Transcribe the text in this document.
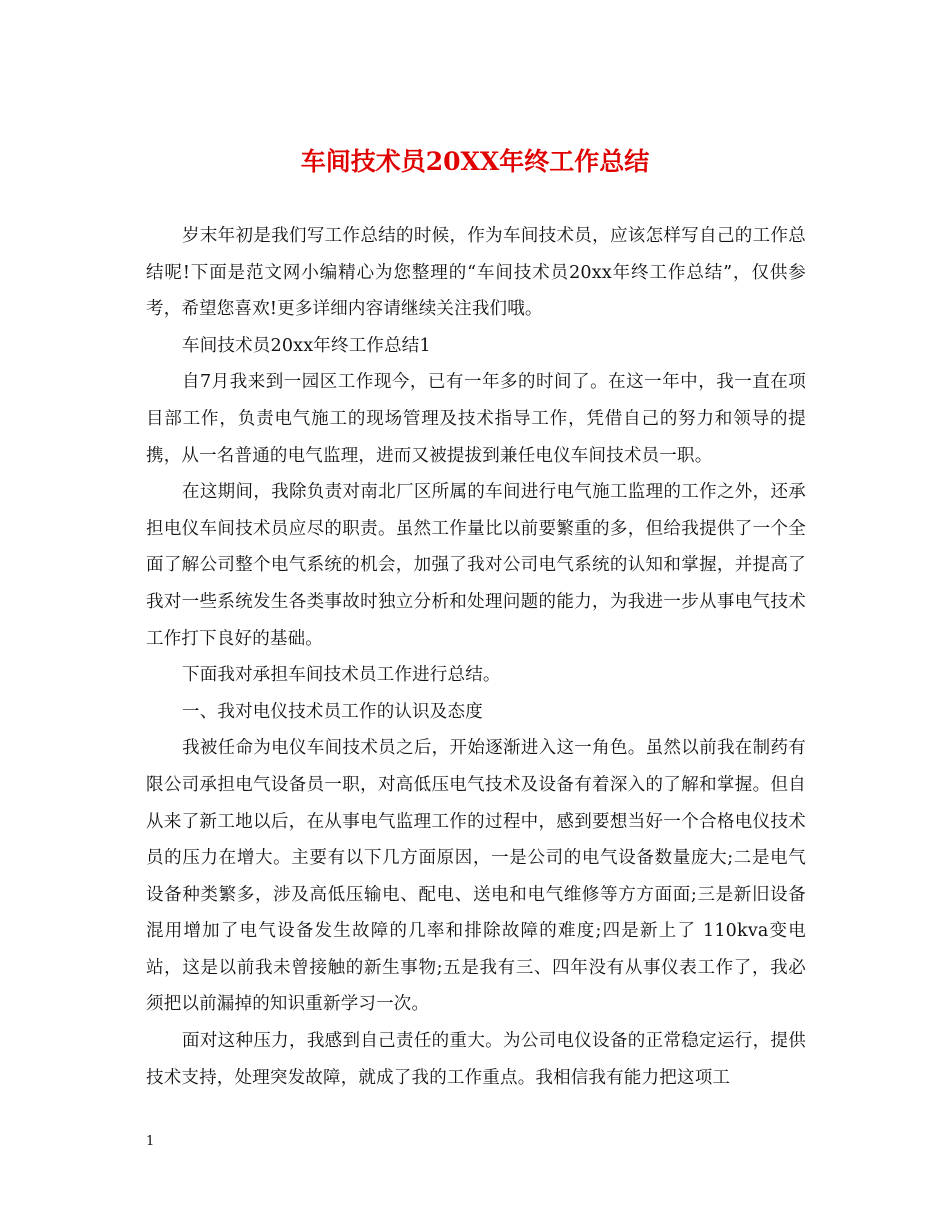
车间技术员20XX年终工作总结

岁末年初是我们写工作总结的时候，作为车间技术员，应该怎样写自己的工作总结呢!下面是范文网小编精心为您整理的“车间技术员20xx年终工作总结”，仅供参考，希望您喜欢!更多详细内容请继续关注我们哦。

车间技术员20xx年终工作总结1

自7月我来到一园区工作现今，已有一年多的时间了。在这一年中，我一直在项目部工作，负责电气施工的现场管理及技术指导工作，凭借自己的努力和领导的提携，从一名普通的电气监理，进而又被提拔到兼任电仪车间技术员一职。

在这期间，我除负责对南北厂区所属的车间进行电气施工监理的工作之外，还承担电仪车间技术员应尽的职责。虽然工作量比以前要繁重的多，但给我提供了一个全面了解公司整个电气系统的机会，加强了我对公司电气系统的认知和掌握，并提高了我对一些系统发生各类事故时独立分析和处理问题的能力，为我进一步从事电气技术工作打下良好的基础。

下面我对承担车间技术员工作进行总结。

一、我对电仪技术员工作的认识及态度

我被任命为电仪车间技术员之后，开始逐渐进入这一角色。虽然以前我在制药有限公司承担电气设备员一职，对高低压电气技术及设备有着深入的了解和掌握。但自从来了新工地以后，在从事电气监理工作的过程中，感到要想当好一个合格电仪技术员的压力在增大。主要有以下几方面原因，一是公司的电气设备数量庞大;二是电气设备种类繁多，涉及高低压输电、配电、送电和电气维修等方方面面;三是新旧设备混用增加了电气设备发生故障的几率和排除故障的难度;四是新上了 110kva变电站，这是以前我未曾接触的新生事物;五是我有三、四年没有从事仪表工作了，我必须把以前漏掉的知识重新学习一次。

面对这种压力，我感到自己责任的重大。为公司电仪设备的正常稳定运行，提供技术支持，处理突发故障，就成了我的工作重点。我相信我有能力把这项工

1
